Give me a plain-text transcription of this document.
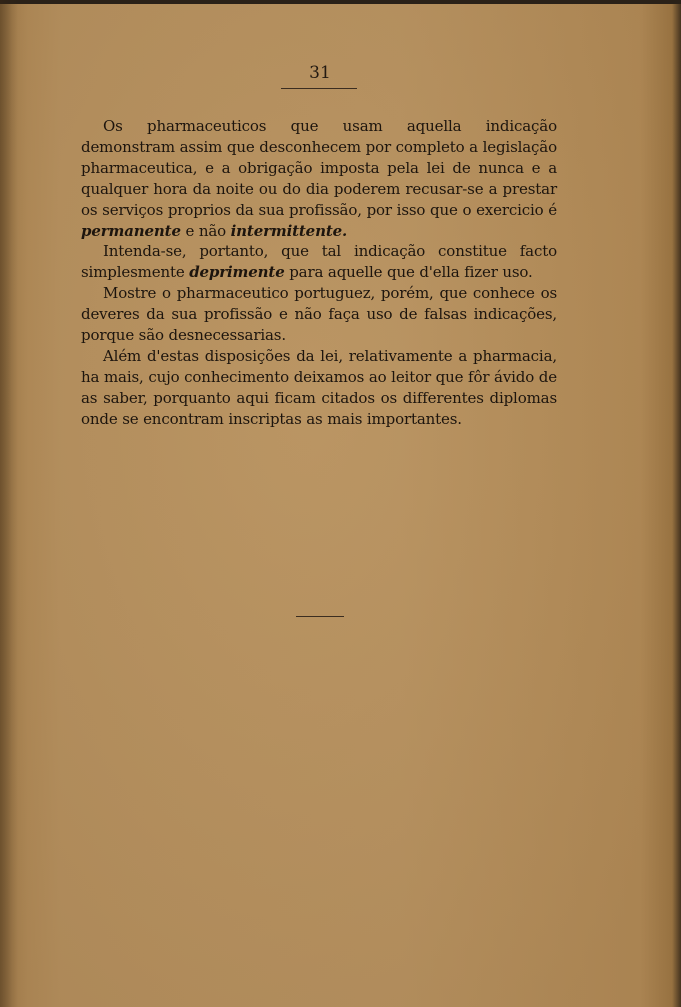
31

Os pharmaceuticos que usam aquella indicação demonstram assim que desconhecem por completo a legislação pharmaceutica, e a obrigação imposta pela lei de nunca e a qualquer hora da noite ou do dia poderem recusar-se a prestar os serviços proprios da sua profissão, por isso que o exercicio é permanente e não intermittente.

Intenda-se, portanto, que tal indicação constitue facto simplesmente deprimente para aquelle que d'ella fizer uso.

Mostre o pharmaceutico portuguez, porém, que conhece os deveres da sua profissão e não faça uso de falsas indicações, porque são desnecessarias.

Além d'estas disposições da lei, relativamente a pharmacia, ha mais, cujo conhecimento deixamos ao leitor que fôr ávido de as saber, porquanto aqui ficam citados os differentes diplomas onde se encontram inscriptas as mais importantes.
